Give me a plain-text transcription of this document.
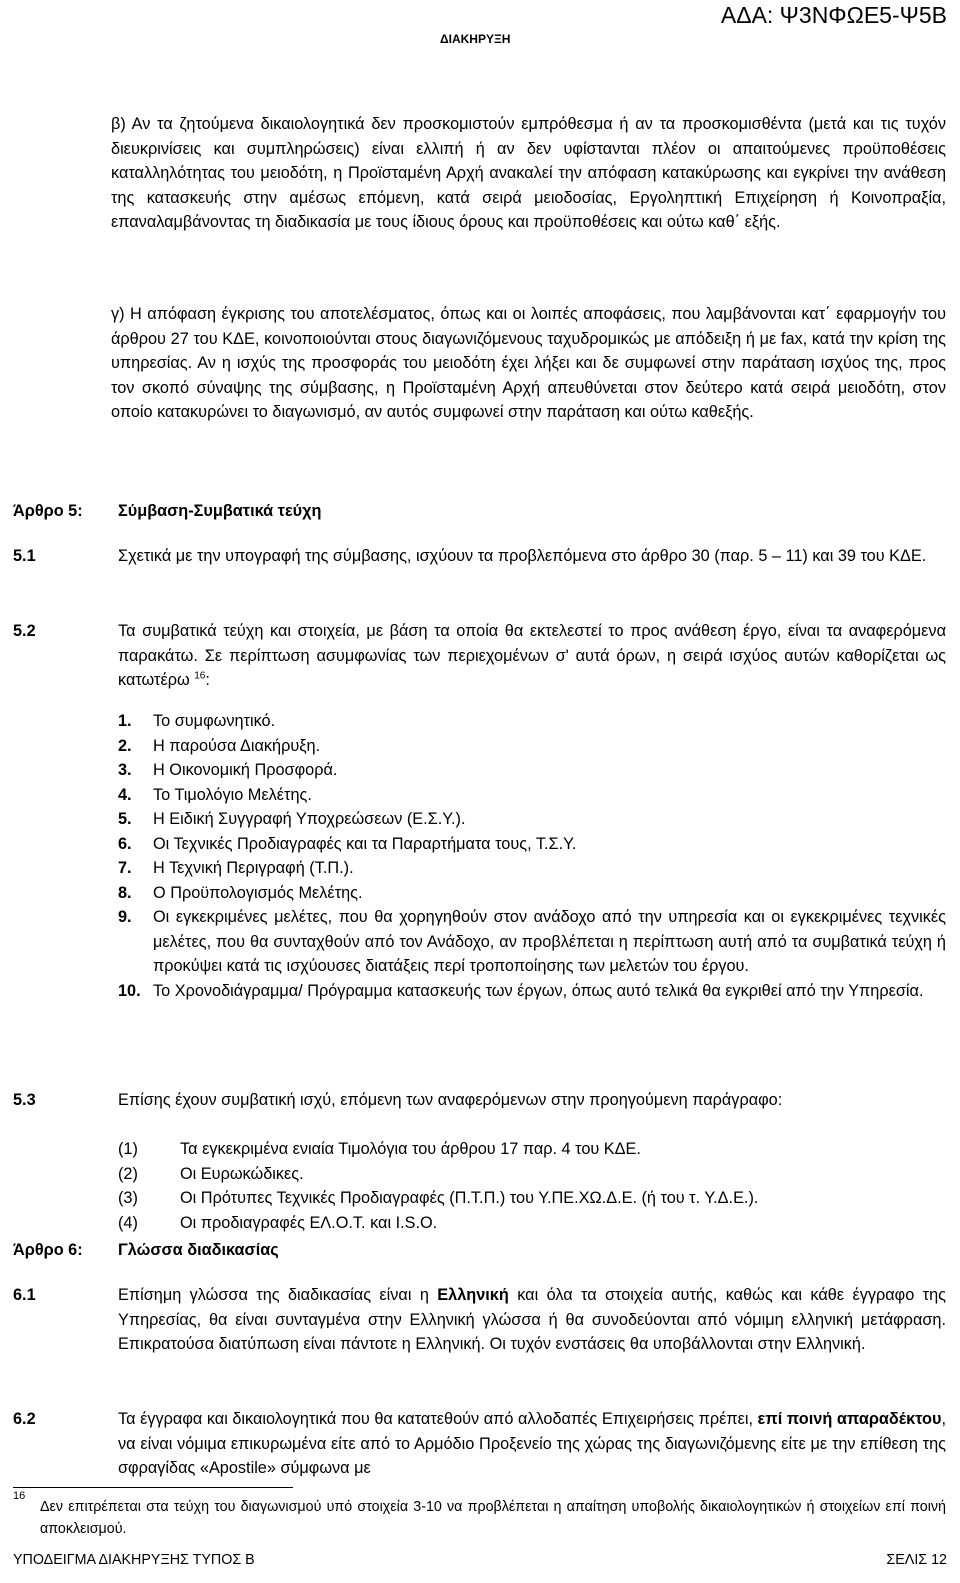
ΑΔΑ: Ψ3ΝΦΩΕ5-Ψ5Β
ΔΙΑΚΗΡΥΞΗ

β) Αν τα ζητούμενα δικαιολογητικά δεν προσκομιστούν εμπρόθεσμα ή αν τα προσκομισθέντα (μετά και τις τυχόν διευκρινίσεις και συμπληρώσεις) είναι ελλιπή ή αν δεν υφίστανται πλέον οι απαιτούμενες προϋποθέσεις καταλληλότητας του μειοδότη, η Προϊσταμένη Αρχή ανακαλεί την απόφαση κατακύρωσης και εγκρίνει την ανάθεση της κατασκευής στην αμέσως επόμενη, κατά σειρά μειοδοσίας, Εργοληπτική Επιχείρηση ή Κοινοπραξία, επαναλαμβάνοντας τη διαδικασία με τους ίδιους όρους και προϋποθέσεις και ούτω καθ΄ εξής.

γ) Η απόφαση έγκρισης του αποτελέσματος, όπως και οι λοιπές αποφάσεις, που λαμβάνονται κατ΄ εφαρμογήν του άρθρου 27 του ΚΔΕ, κοινοποιούνται στους διαγωνιζόμενους ταχυδρομικώς με απόδειξη ή με fax, κατά την κρίση της υπηρεσίας. Αν η ισχύς της προσφοράς του μειοδότη έχει λήξει και δε συμφωνεί στην παράταση ισχύος της, προς τον σκοπό σύναψης της σύμβασης, η Προϊσταμένη Αρχή απευθύνεται στον δεύτερο κατά σειρά μειοδότη, στον οποίο κατακυρώνει το διαγωνισμό, αν αυτός συμφωνεί στην παράταση και ούτω καθεξής.

Άρθρο 5: Σύμβαση-Συμβατικά τεύχη
5.1	Σχετικά με την υπογραφή της σύμβασης, ισχύουν τα προβλεπόμενα στο άρθρο 30 (παρ. 5 – 11) και 39 του ΚΔΕ.

5.2	Τα συμβατικά τεύχη και στοιχεία, με βάση τα οποία θα εκτελεστεί το προς ανάθεση έργο, είναι τα αναφερόμενα παρακάτω. Σε περίπτωση ασυμφωνίας των περιεχομένων σ' αυτά όρων, η σειρά ισχύος αυτών καθορίζεται ως κατωτέρω $^{16}$:

1.	Το συμφωνητικό.
2.	Η παρούσα Διακήρυξη.
3.	Η Οικονομική Προσφορά.
4.	Το Τιμολόγιο Μελέτης.
5.	Η Ειδική Συγγραφή Υποχρεώσεων (Ε.Σ.Υ.).
6.	Οι Τεχνικές Προδιαγραφές και τα Παραρτήματα τους, Τ.Σ.Υ.
7.	Η Τεχνική Περιγραφή (Τ.Π.).
8.	Ο Προϋπολογισμός Μελέτης.
9.	Οι εγκεκριμένες μελέτες, που θα χορηγηθούν στον ανάδοχο από την υπηρεσία και οι εγκεκριμένες τεχνικές μελέτες, που θα συνταχθούν από τον Ανάδοχο, αν προβλέπεται η περίπτωση αυτή από τα συμβατικά τεύχη ή προκύψει κατά τις ισχύουσες διατάξεις περί τροποποίησης των μελετών του έργου.
10. Το Χρονοδιάγραμμα/ Πρόγραμμα κατασκευής των έργων, όπως αυτό τελικά θα εγκριθεί από την Υπηρεσία.
5.3	Επίσης έχουν συμβατική ισχύ, επόμενη των αναφερόμενων στην προηγούμενη παράγραφο:

(1)	Τα εγκεκριμένα ενιαία Τιμολόγια του άρθρου 17 παρ. 4 του ΚΔΕ.
(2)	Οι Ευρωκώδικες.
(3)	Οι Πρότυπες Τεχνικές Προδιαγραφές (Π.Τ.Π.) του Υ.ΠΕ.ΧΩ.Δ.Ε. (ή του τ. Υ.Δ.Ε.).
(4)	Οι προδιαγραφές ΕΛ.Ο.Τ. και I.S.O.
Άρθρο 6: Γλώσσα διαδικασίας
6.1	Επίσημη γλώσσα της διαδικασίας είναι η Ελληνική και όλα τα στοιχεία αυτής, καθώς και κάθε έγγραφο της Υπηρεσίας, θα είναι συνταγμένα στην Ελληνική γλώσσα ή θα συνοδεύονται από νόμιμη ελληνική μετάφραση. Επικρατούσα διατύπωση είναι πάντοτε η Ελληνική. Οι τυχόν ενστάσεις θα υποβάλλονται στην Ελληνική.

6.2	Τα έγγραφα και δικαιολογητικά που θα κατατεθούν από αλλοδαπές Επιχειρήσεις πρέπει, επί ποινή απαραδέκτου, να είναι νόμιμα επικυρωμένα είτε από το Αρμόδιο Προξενείο της χώρας της διαγωνιζόμενης είτε με την επίθεση της σφραγίδας «Apostile» σύμφωνα με

16

Δεν επιτρέπεται στα τεύχη του διαγωνισμού υπό στοιχεία 3-10 να προβλέπεται η απαίτηση υποβολής δικαιολογητικών ή στοιχείων επί ποινή αποκλεισμού.

ΥΠΟΔΕΙΓΜΑ ΔΙΑΚΗΡΥΞΗΣ ΤΥΠΟΣ Β	ΣΕΛΙΣ 12
